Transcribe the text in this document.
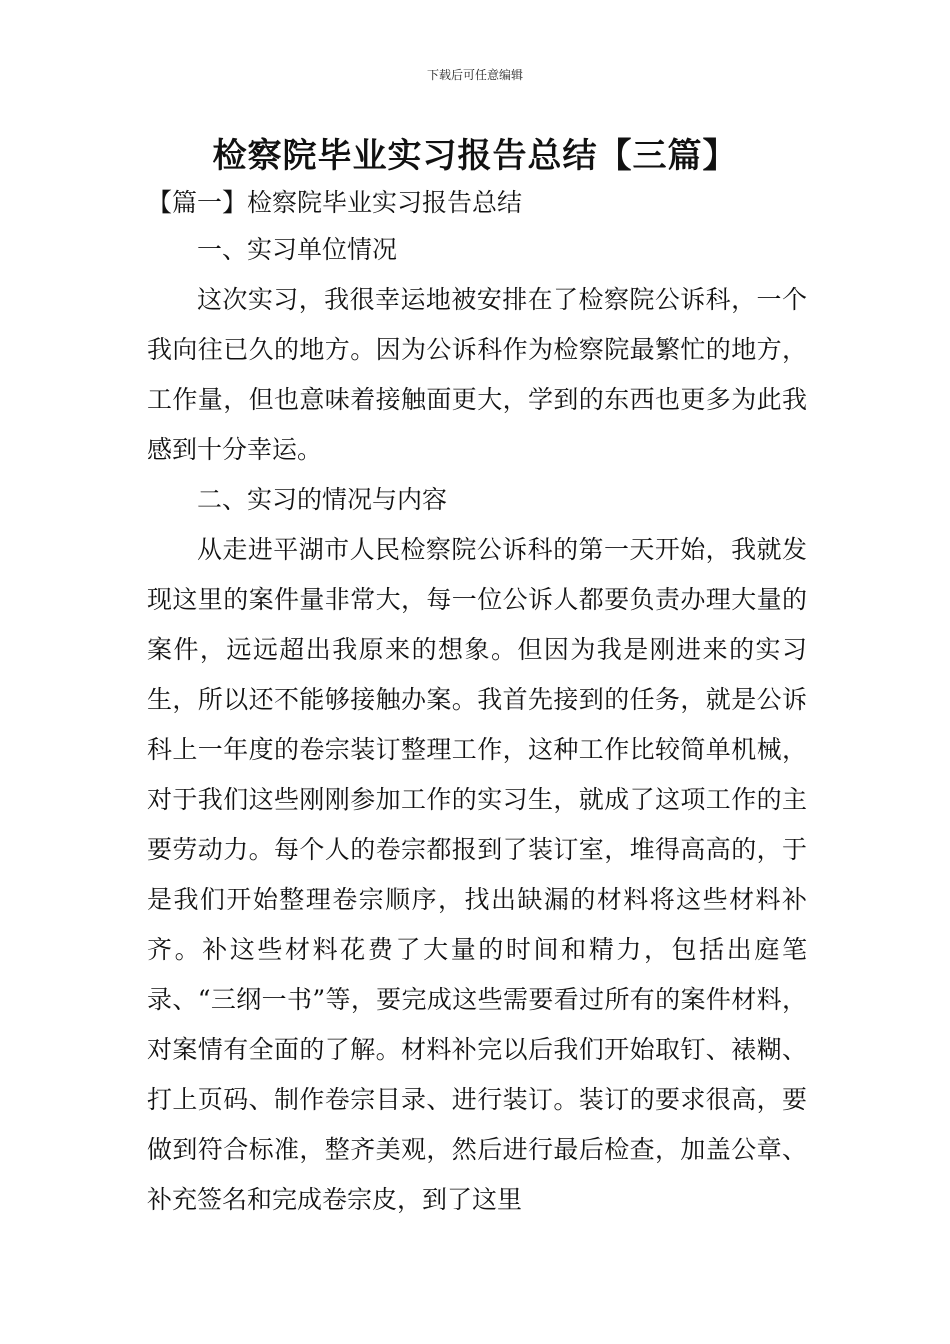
下载后可任意编辑
检察院毕业实习报告总结【三篇】
【篇一】检察院毕业实习报告总结

一、实习单位情况

这次实习，我很幸运地被安排在了检察院公诉科，一个我向往已久的地方。因为公诉科作为检察院最繁忙的地方，工作量，但也意味着接触面更大，学到的东西也更多为此我感到十分幸运。

二、实习的情况与内容

从走进平湖市人民检察院公诉科的第一天开始，我就发现这里的案件量非常大，每一位公诉人都要负责办理大量的案件，远远超出我原来的想象。但因为我是刚进来的实习生，所以还不能够接触办案。我首先接到的任务，就是公诉科上一年度的卷宗装订整理工作，这种工作比较简单机械，对于我们这些刚刚参加工作的实习生，就成了这项工作的主要劳动力。每个人的卷宗都报到了装订室，堆得高高的，于是我们开始整理卷宗顺序，找出缺漏的材料将这些材料补齐。补这些材料花费了大量的时间和精力，包括出庭笔录、“三纲一书”等，要完成这些需要看过所有的案件材料，对案情有全面的了解。材料补完以后我们开始取钉、裱糊、打上页码、制作卷宗目录、进行装订。装订的要求很高，要做到符合标准，整齐美观，然后进行最后检查，加盖公章、补充签名和完成卷宗皮，到了这里
